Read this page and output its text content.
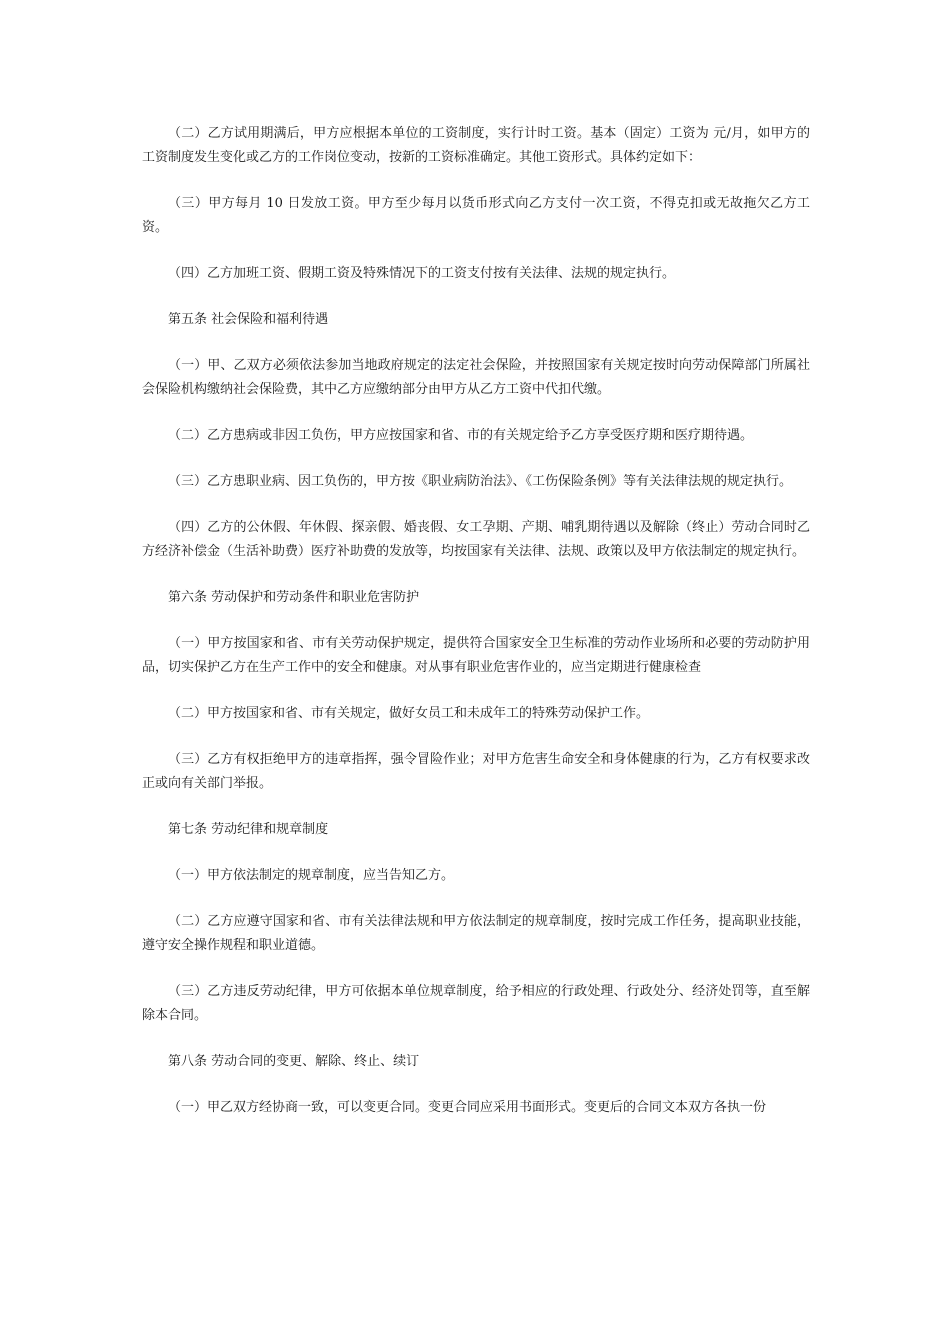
（二）乙方试用期满后，甲方应根据本单位的工资制度，实行计时工资。基本（固定）工资为 元/月，如甲方的工资制度发生变化或乙方的工作岗位变动，按新的工资标准确定。其他工资形式。具体约定如下：

（三）甲方每月 10 日发放工资。甲方至少每月以货币形式向乙方支付一次工资，不得克扣或无故拖欠乙方工资。

（四）乙方加班工资、假期工资及特殊情况下的工资支付按有关法律、法规的规定执行。

第五条 社会保险和福利待遇

（一）甲、乙双方必须依法参加当地政府规定的法定社会保险，并按照国家有关规定按时向劳动保障部门所属社会保险机构缴纳社会保险费，其中乙方应缴纳部分由甲方从乙方工资中代扣代缴。

（二）乙方患病或非因工负伤，甲方应按国家和省、市的有关规定给予乙方享受医疗期和医疗期待遇。

（三）乙方患职业病、因工负伤的，甲方按《职业病防治法》、《工伤保险条例》等有关法律法规的规定执行。

（四）乙方的公休假、年休假、探亲假、婚丧假、女工孕期、产期、哺乳期待遇以及解除（终止）劳动合同时乙方经济补偿金（生活补助费）医疗补助费的发放等，均按国家有关法律、法规、政策以及甲方依法制定的规定执行。

第六条 劳动保护和劳动条件和职业危害防护

（一）甲方按国家和省、市有关劳动保护规定，提供符合国家安全卫生标准的劳动作业场所和必要的劳动防护用品，切实保护乙方在生产工作中的安全和健康。对从事有职业危害作业的，应当定期进行健康检查

（二）甲方按国家和省、市有关规定，做好女员工和未成年工的特殊劳动保护工作。

（三）乙方有权拒绝甲方的违章指挥，强令冒险作业；对甲方危害生命安全和身体健康的行为，乙方有权要求改正或向有关部门举报。

第七条 劳动纪律和规章制度

（一）甲方依法制定的规章制度，应当告知乙方。

（二）乙方应遵守国家和省、市有关法律法规和甲方依法制定的规章制度，按时完成工作任务，提高职业技能，遵守安全操作规程和职业道德。

（三）乙方违反劳动纪律，甲方可依据本单位规章制度，给予相应的行政处理、行政处分、经济处罚等，直至解除本合同。

第八条 劳动合同的变更、解除、终止、续订

（一）甲乙双方经协商一致，可以变更合同。变更合同应采用书面形式。变更后的合同文本双方各执一份
